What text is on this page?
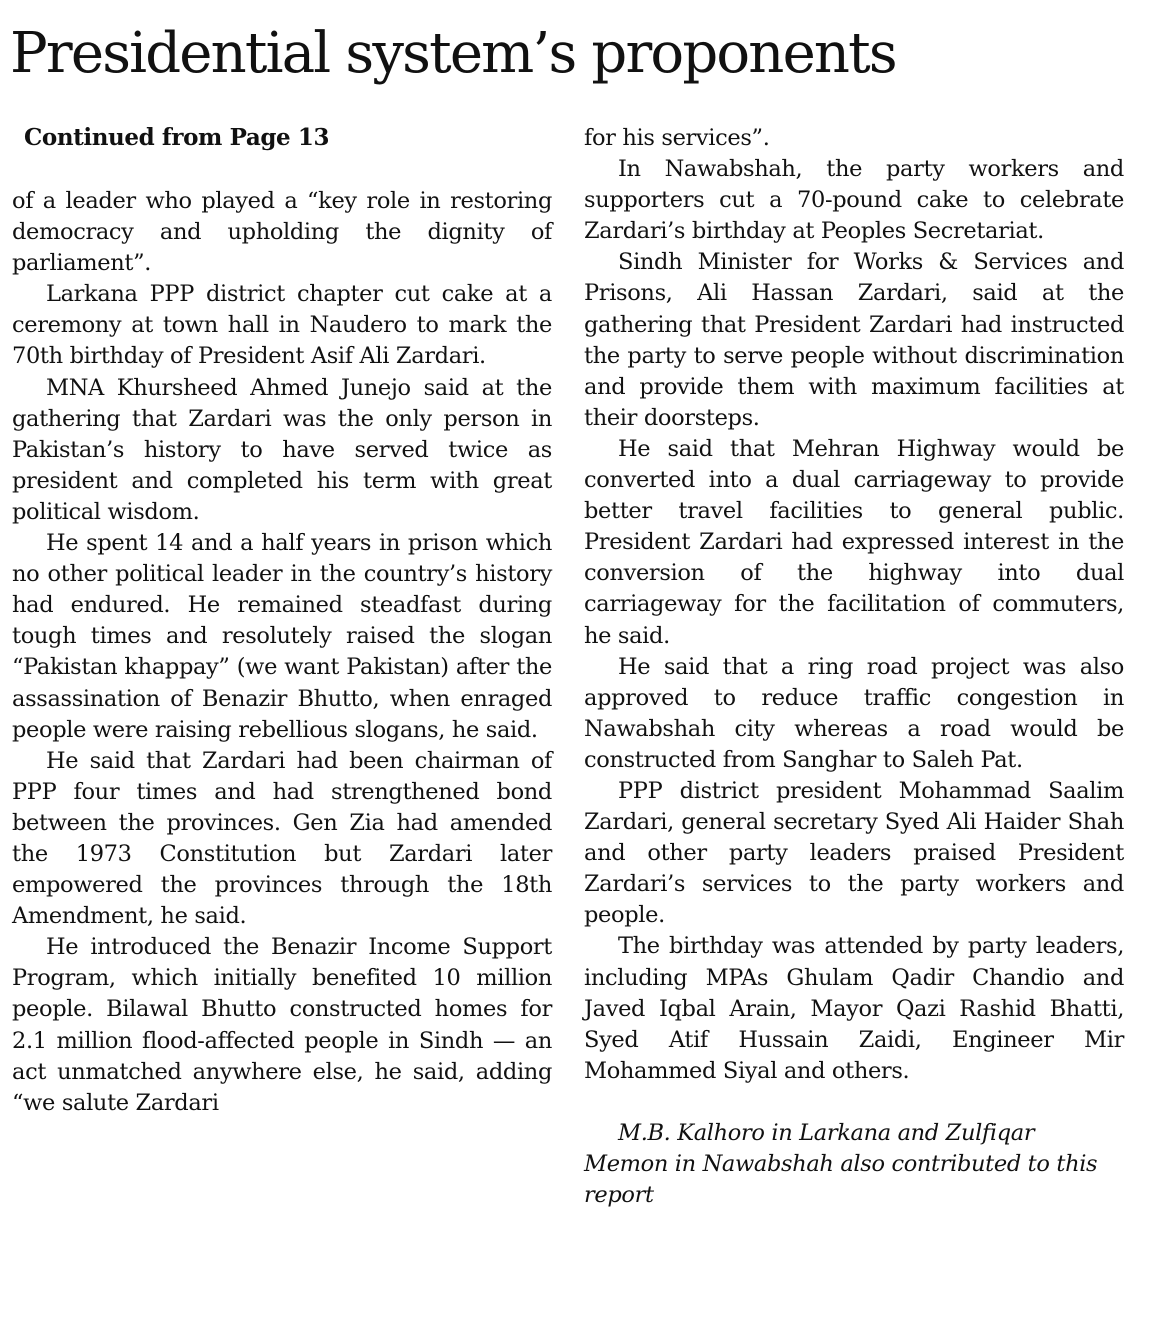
Presidential system’s proponents

Continued from Page 13

of a leader who played a “key role in restoring democracy and upholding the dignity of parliament”.

Larkana PPP district chapter cut cake at a ceremony at town hall in Naudero to mark the 70th birthday of President Asif Ali Zardari.

MNA Khursheed Ahmed Junejo said at the gathering that Zardari was the only person in Pakistan’s history to have served twice as president and completed his term with great political wisdom.

He spent 14 and a half years in prison which no other political leader in the country’s history had endured. He remained steadfast during tough times and resolutely raised the slogan “Pakistan khappay” (we want Pakistan) after the assassination of Benazir Bhutto, when enraged people were raising rebellious slogans, he said.

He said that Zardari had been chairman of PPP four times and had strengthened bond between the provinces. Gen Zia had amended the 1973 Constitution but Zardari later empowered the provinces through the 18th Amendment, he said.

He introduced the Benazir Income Support Program, which initially benefited 10 million people. Bilawal Bhutto constructed homes for 2.1 million flood-affected people in Sindh — an act unmatched anywhere else, he said, adding “we salute Zardari

for his services”.

In Nawabshah, the party workers and supporters cut a 70-pound cake to celebrate Zardari’s birthday at Peoples Secretariat.

Sindh Minister for Works & Services and Prisons, Ali Hassan Zardari, said at the gathering that President Zardari had instructed the party to serve people without discrimination and provide them with maximum facilities at their doorsteps.

He said that Mehran Highway would be converted into a dual carriageway to provide better travel facilities to general public. President Zardari had expressed interest in the conversion of the highway into dual carriageway for the facilitation of commuters, he said.

He said that a ring road project was also approved to reduce traffic congestion in Nawabshah city whereas a road would be constructed from Sanghar to Saleh Pat.

PPP district president Mohammad Saalim Zardari, general secretary Syed Ali Haider Shah and other party leaders praised President Zardari’s services to the party workers and people.

The birthday was attended by party leaders, including MPAs Ghulam Qadir Chandio and Javed Iqbal Arain, Mayor Qazi Rashid Bhatti, Syed Atif Hussain Zaidi, Engineer Mir Mohammed Siyal and others.

M.B. Kalhoro in Larkana and Zulfiqar Memon in Nawabshah also contributed to this report
